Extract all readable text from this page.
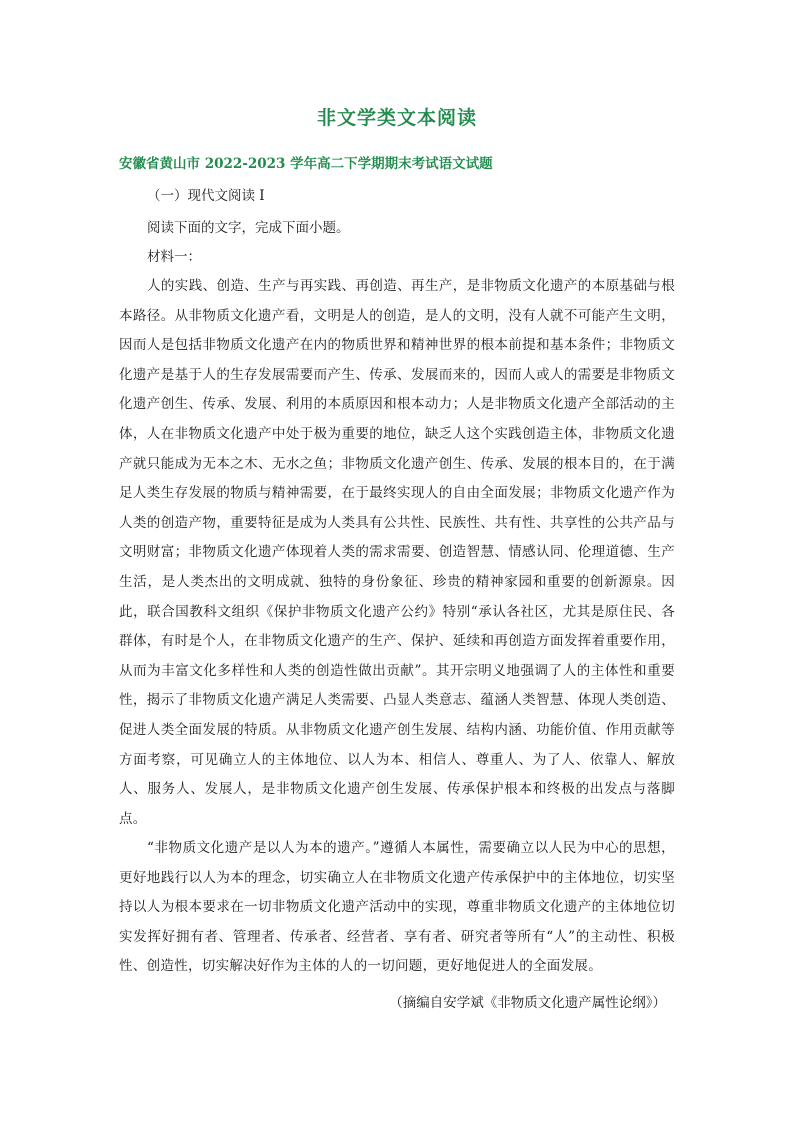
非文学类文本阅读
安徽省黄山市 2022-2023 学年高二下学期期末考试语文试题
（一）现代文阅读 I
阅读下面的文字，完成下面小题。
材料一：
人的实践、创造、生产与再实践、再创造、再生产，是非物质文化遗产的本原基础与根本路径。从非物质文化遗产看，文明是人的创造，是人的文明，没有人就不可能产生文明，因而人是包括非物质文化遗产在内的物质世界和精神世界的根本前提和基本条件；非物质文化遗产是基于人的生存发展需要而产生、传承、发展而来的，因而人或人的需要是非物质文化遗产创生、传承、发展、利用的本质原因和根本动力；人是非物质文化遗产全部活动的主体，人在非物质文化遗产中处于极为重要的地位，缺乏人这个实践创造主体，非物质文化遗产就只能成为无本之木、无水之鱼；非物质文化遗产创生、传承、发展的根本目的，在于满足人类生存发展的物质与精神需要，在于最终实现人的自由全面发展；非物质文化遗产作为人类的创造产物，重要特征是成为人类具有公共性、民族性、共有性、共享性的公共产品与文明财富；非物质文化遗产体现着人类的需求需要、创造智慧、情感认同、伦理道德、生产生活，是人类杰出的文明成就、独特的身份象征、珍贵的精神家园和重要的创新源泉。因此，联合国教科文组织《保护非物质文化遗产公约》特别“承认各社区，尤其是原住民、各群体，有时是个人，在非物质文化遗产的生产、保护、延续和再创造方面发挥着重要作用，从而为丰富文化多样性和人类的创造性做出贡献”。其开宗明义地强调了人的主体性和重要性，揭示了非物质文化遗产满足人类需要、凸显人类意志、蕴涵人类智慧、体现人类创造、促进人类全面发展的特质。从非物质文化遗产创生发展、结构内涵、功能价值、作用贡献等方面考察，可见确立人的主体地位、以人为本、相信人、尊重人、为了人、依靠人、解放人、服务人、发展人，是非物质文化遗产创生发展、传承保护根本和终极的出发点与落脚点。
“非物质文化遗产是以人为本的遗产。”遵循人本属性，需要确立以人民为中心的思想，更好地践行以人为本的理念，切实确立人在非物质文化遗产传承保护中的主体地位，切实坚持以人为根本要求在一切非物质文化遗产活动中的实现，尊重非物质文化遗产的主体地位切实发挥好拥有者、管理者、传承者、经营者、享有者、研究者等所有“人”的主动性、积极性、创造性，切实解决好作为主体的人的一切问题，更好地促进人的全面发展。
（摘编自安学斌《非物质文化遗产属性论纲》）
